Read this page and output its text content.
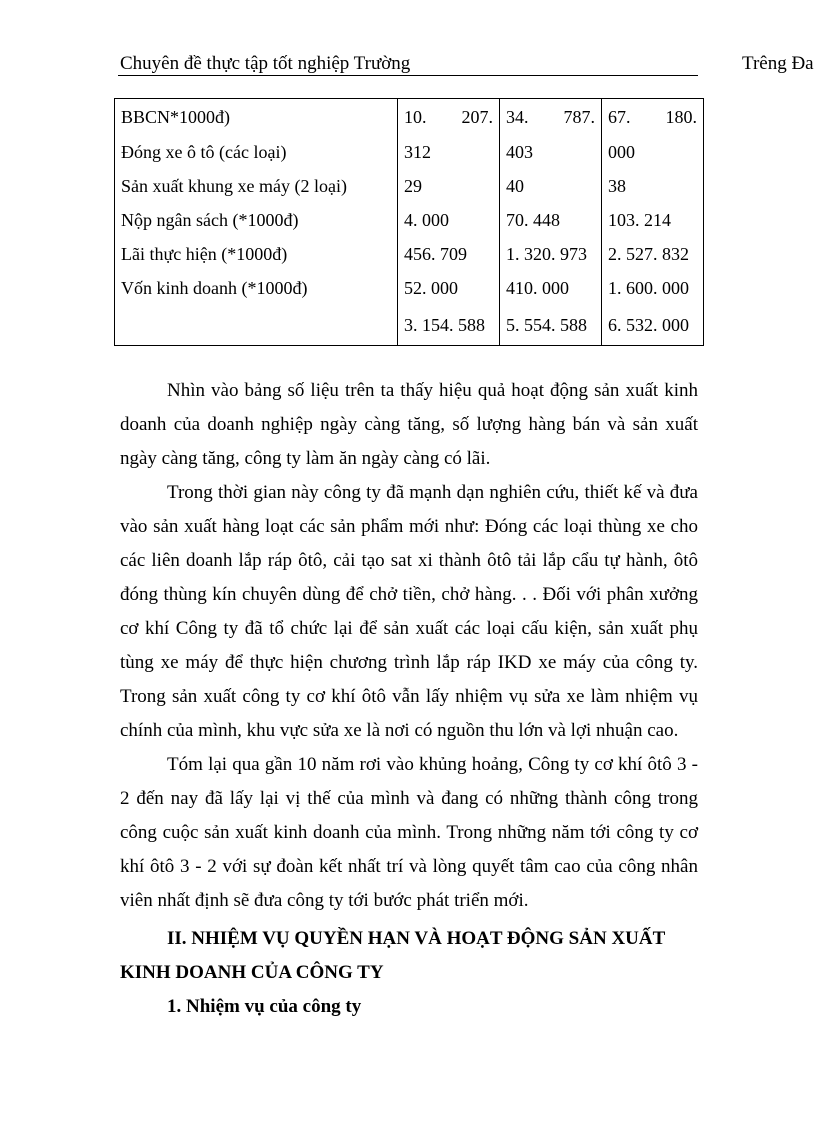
Chuyên đề thực tập tốt nghiệp Trường	Trêng Đa
BBCN*1000đ)	10. 207.	34. 787.	67. 180.

Đóng xe ô tô (các loại)	312	403	000
Sản xuất khung xe máy (2 loại)	29	40	38
Nộp ngân sách (*1000đ)	4. 000	70. 448	103. 214
Lãi thực hiện (*1000đ)	456. 709	1. 320. 973	2. 527. 832
Vốn kinh doanh (*1000đ)	52. 000	410. 000	1. 600. 000
	3. 154. 588	5. 554. 588	6. 532. 000

Nhìn vào bảng số liệu trên ta thấy hiệu quả hoạt động sản xuất kinh doanh của doanh nghiệp ngày càng tăng, số lượng hàng bán và sản xuất ngày càng tăng, công ty làm ăn ngày càng có lãi.

Trong thời gian này công ty đã mạnh dạn nghiên cứu, thiết kế và đưa vào sản xuất hàng loạt các sản phẩm mới như: Đóng các loại thùng xe cho các liên doanh lắp ráp ôtô, cải tạo sat xi thành ôtô tải lắp cẩu tự hành, ôtô đóng thùng kín chuyên dùng để chở tiền, chở hàng. . . Đối với phân xưởng cơ khí Công ty đã tổ chức lại để sản xuất các loại cấu kiện, sản xuất phụ tùng xe máy để thực hiện chương trình lắp ráp IKD xe máy của công ty. Trong sản xuất công ty cơ khí ôtô vẫn lấy nhiệm vụ sửa xe làm nhiệm vụ chính của mình, khu vực sửa xe là nơi có nguồn thu lớn và lợi nhuận cao.

Tóm lại qua gần 10 năm rơi vào khủng hoảng, Công ty cơ khí ôtô 3 - 2 đến nay đã lấy lại vị thế của mình và đang có những thành công trong công cuộc sản xuất kinh doanh của mình. Trong những năm tới công ty cơ khí ôtô 3 - 2 với sự đoàn kết nhất trí và lòng quyết tâm cao của công nhân viên nhất định sẽ đưa công ty tới bước phát triển mới.

II. NHIỆM VỤ QUYỀN HẠN VÀ HOẠT ĐỘNG SẢN XUẤT KINH DOANH CỦA CÔNG TY

1. Nhiệm vụ của công ty
